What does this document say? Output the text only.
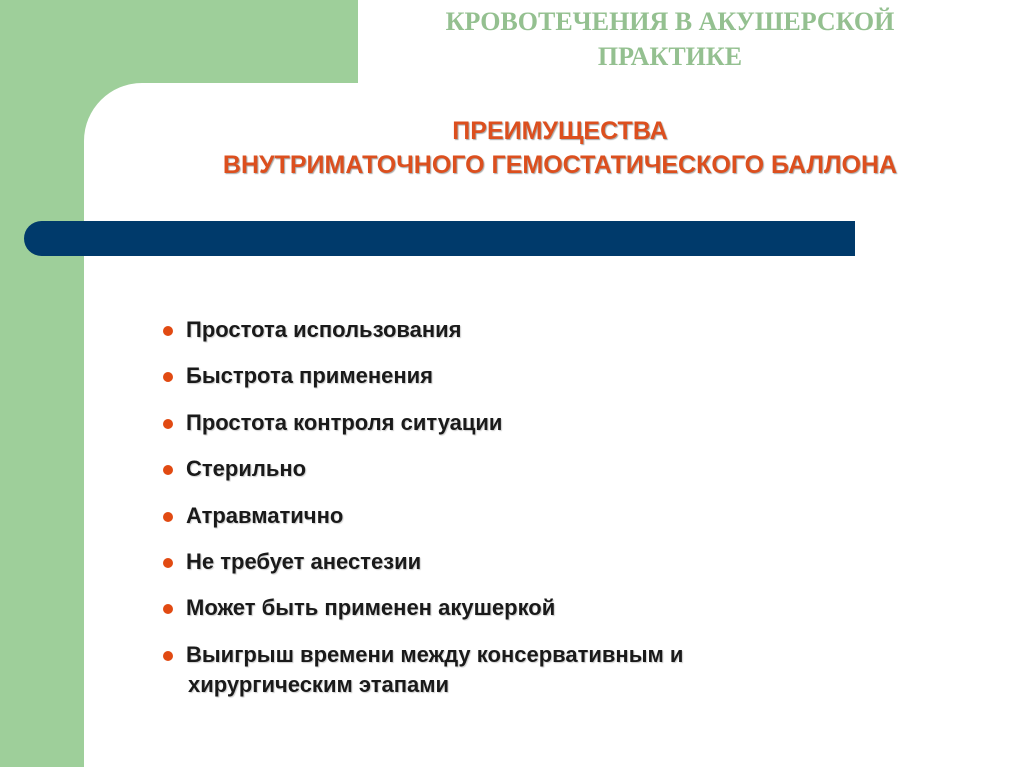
КРОВОТЕЧЕНИЯ В АКУШЕРСКОЙ
ПРАКТИКЕ
ПРЕИМУЩЕСТВА
ВНУТРИМАТОЧНОГО ГЕМОСТАТИЧЕСКОГО БАЛЛОНА
Простота использования
Быстрота применения
Простота контроля ситуации
Стерильно
Атравматично
Не требует анестезии
Может быть применен акушеркой
Выигрыш времени между консервативным и
хирургическим этапами
